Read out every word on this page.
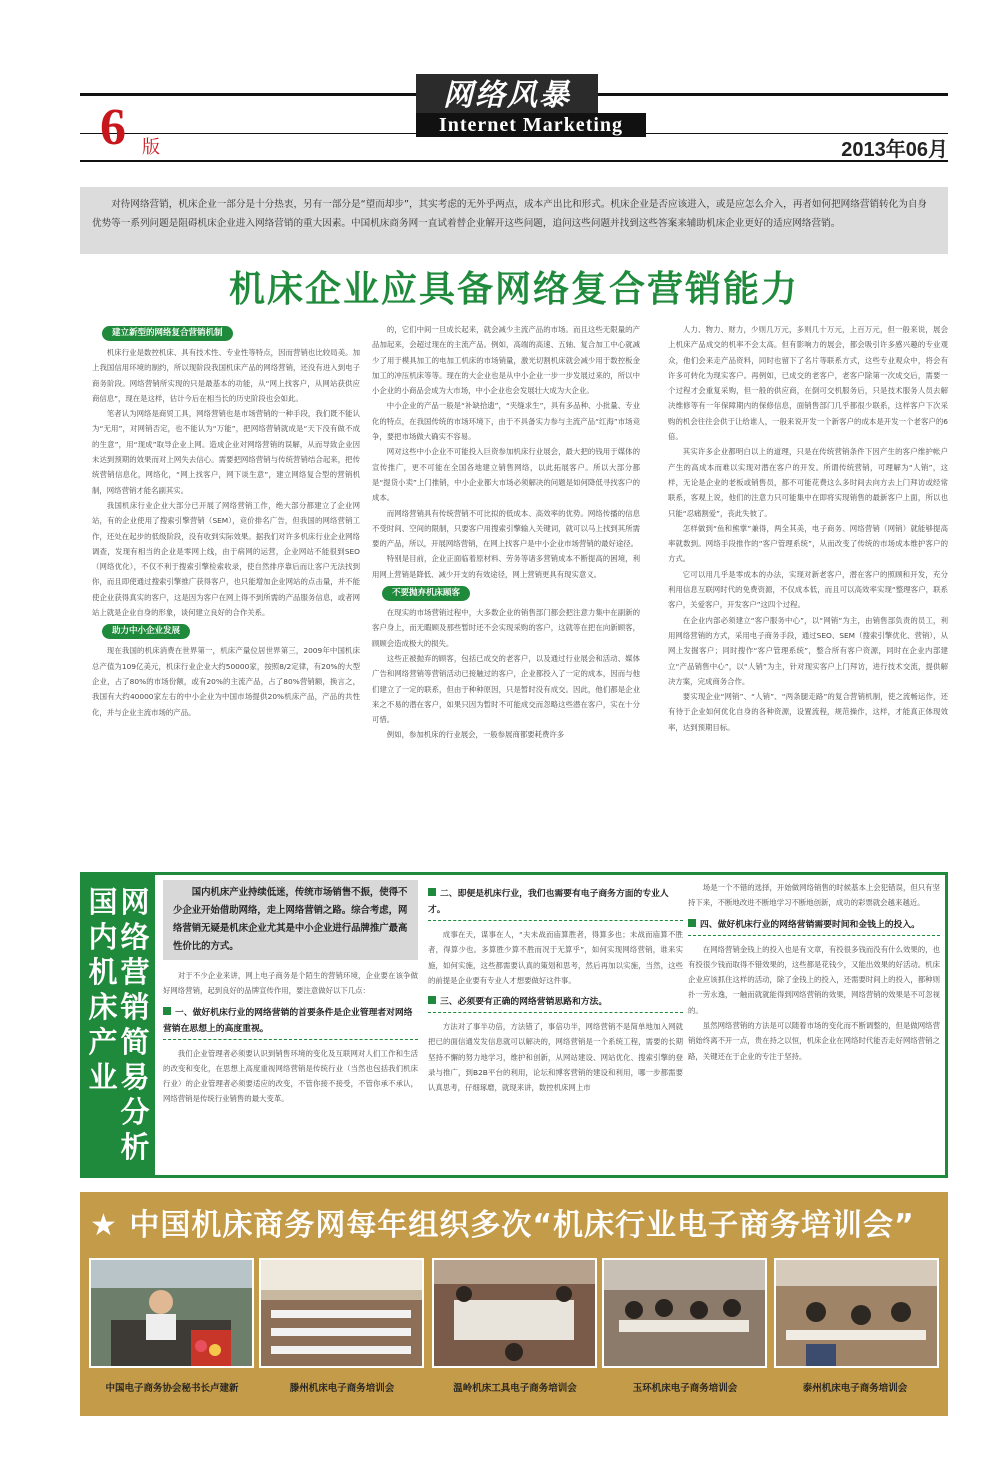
网络风暴
Internet Marketing
6 版	2013年06月
对待网络营销，机床企业一部分是十分热衷，另有一部分是“望而却步”，其实考虑的无外乎两点，成本产出比和形式。机床企业是否应该进入，或是应怎么介入，再者如何把网络营销转化为自身优势等一系列问题是阻碍机床企业进入网络营销的重大因素。中国机床商务网一直试着替企业解开这些问题，追问这些问题并找到这些答案来辅助机床企业更好的适应网络营销。
机床企业应具备网络复合营销能力
建立新型的网络复合营销机制

机床行业是数控机床、具有技术性、专业性等特点，因而营销也比较局美。加上我国信用环境的制约，所以现阶段我国机床产品的网络营销，还没有进入到电子商务阶段。网络营销所实现的只是最基本的功能，从“网上找客户，从网站获供应商信息”，现在是这样，估计今后在相当长的历史阶段也会如此。

笔者认为网络是商贸工具，网络营销也是市场营销的一种手段，我们既不能认为“无用”，对网销否定，也不能认为“万能”，把网络营销就成是“天下没有做不成的生意”，用“现成”取导企业上网。造成企业对网络营销的误解，从而导致企业因未达到预期的效果而对上网失去信心。需要把网络营销与传统营销结合起来，把传统营销信息化，网络化，“网上找客户，网下谈生意”，建立网络复合型的营销机制，网络营销才能名副其实。

我国机床行业企业大部分已开展了网络营销工作，绝大部分都建立了企业网站，有的企业使用了搜索引擎营销（SEM），竞价排名广告，但我国的网络营销工作，还处在起步的低级阶段，没有收到实际效果。据我们对许多机床行业企业网络调查，发现有相当的企业是零网上线，由于病网的运营，企业网站不能很到SEO（网络优化），不仅不利于搜索引擎检索收录，使自然排序靠后而让客户无法找到你，而且即使通过搜索引擎推广获得客户，也只能增加企业网站的点击量，并不能使企业获得真实的客户，这是因为客户在网上得不到所需的产品服务信息，或者网站上就是企业自身的形象，谈何建立良好的合作关系。

助力中小企业发展

现在我国的机床消费在世界第一，机床产量位居世界第三，2009年中国机床总产值为109亿美元，机床行业企业大约50000家，按照8/2定律，有20%的大型企业，占了80%的市场份额，或有20%的主流产品，占了80%营销额，换言之，我国有大约40000家左右的中小企业为中国市场提供20%机床产品，产品的共性化，并与企业主流市场的产品。

的，它们中间一旦成长起来，就会减少主流产品的市场。而且这些无限量的产品加起来，会超过现在的主流产品。例如，高端的高速、五轴、复合加工中心就减少了用于模具加工的电加工机床的市场销量，激光切割机床就会减少用于数控板金加工的冲压机床等等。现在的大企业也是从中小企业一步一步发展过来的，所以中小企业的小商品会成为大市场，中小企业也会发展壮大成为大企业。

中小企业的产品一般是“补缺拾遗”，“夹缝求生”，具有多品种、小批量、专业化的特点，在我国传统的市场环境下，由于不具备实力参与主流产品“红海”市场竞争，要把市场做大确实不容易。

网对这些中小企业不可能投入巨资参加机床行业展会，最大把的钱用于媒体的宣传推广，更不可能在全国各地建立销售网络，以此拓展客户。所以大部分都是“提货小卖”上门推销，中小企业都大市场必须解决的问题是如何降低寻找客户的成本。

而网络营销具有传统营销不可比拟的低成本、高效率的优势。网络传播的信息不受时间、空间的限制，只要客户用搜索引擎输入关键词，就可以马上找到其所需要的产品，所以，开展网络营销，在网上找客户是中小企业市场营销的最好途径。

特别是目前，企业正面临着原材料、劳务等诸多营销成本不断提高的困境，利用网上营销是降低、减少开支的有效途径，网上营销更具有现实意义。

不要抛弃机床顾客

在现实的市场营销过程中，大多数企业的销售部门都会把注意力集中在副新的客户身上，而无暇顾及那些暂时还不会实现采购的客户，这就等在把在向新顾客，顾顾会造成极大的损失。

这些正被抛弃的顾客，包括已成交的老客户，以及通过行业展会和活动、媒体广告和网络营销等营销活动已接触过的客户，企业都投入了一定的成本，因而与他们建立了一定的联系，但由于种种原因，只是暂时没有成交。因此，他们都是企业来之不易的潜在客户，如果只因为暂时不可能成交而忽略这些潜在客户，实在十分可惜。

例如，参加机床的行业展会，一般参展商都要耗费许多

人力、物力、财力，少则几万元，多则几十万元，上百万元，但一般来说，展会上机床产品成交的机率不会太高。但有影响力的展会，都会吸引许多感兴趣的专业观众，他们会来走产品资料，同时也留下了名片等联系方式，这些专业观众中，将会有许多可转化为现实客户。再例如，已成交的老客户，老客户除第一次成交后，需要一个过程才会重复采购，但一般的供应商，在倒可交机服务后，只是技术服务人员去解决维修等有一年保障期内的保修信息，面销售部门几乎都很少联系，这样客户下次采购的机会往往会供于让给谁人，一般来说开发一个新客户的成本是开发一个老客户的6倍。

其实许多企业都明白以上的道理，只是在传统营销条件下因产生的客户维护帐户产生的高成本而难以实现对潜在客户的开发。所谓传统营销，可理解为“人销”，这样，无论是企业的老板或销售员，都不可能花费这么多时间去向方去上门拜访或经常联系，客观上说，他们的注意力只可能集中在即将实现销售的最新客户上面，所以也只能“忍痛割爱”，丧此失彼了。

怎样做到“鱼和熊掌”兼得，两全其美，电子商务、网络营销（网销）就能够提高率就数到。网络手段推作的“客户管理系统”，从而改变了传统的市场成本维护客户的方式。

它可以用几乎是零成本的办法，实现对新老客户，潜在客户的照顾和开发，充分利用信息互联网时代的免费资源，不仅成本低，而且可以高效率实现“整理客户，联系客户，关爱客户，开发客户”这四个过程。

在企业内部必须建立“客户服务中心”，以“网销”为主，由销售部负责的员工，利用网络营销的方式，采用电子商务手段，通过SEO、SEM（搜索引擎优化、营销），从网上发掘客户；同时搜作“客户管理系统”，整合所有客户资源，同时在企业内部建立“产品销售中心”，以“人销”为主，针对现实客户上门拜访，进行技术交流，提供解决方案，完成商务合作。

要实现企业“网销”、“人销”、“两条腿走路”的复合营销机制，使之流畅运作，还有待于企业如何优化自身的各种资源，设置流程，规范操作，这样，才能真正体现效率，达到预期目标。

国
内
机
床
产
业
网
络
营
销
简
易
分
析
国内机床产业持续低迷，传统市场销售不振，使得不少企业开始借助网络，走上网络营销之路。综合考虑，网络营销无疑是机床企业尤其是中小企业进行品牌推广最高性价比的方式。

对于不少企业来讲，网上电子商务是个陌生的营销环境，企业要在该争做好网络营销，起到良好的品牌宣传作用，要注意做好以下几点：

一、做好机床行业的网络营销的首要条件是企业管理者对网络营销在思想上的高度重视。

我们企业管理者必须要认识到销售环境的变化及互联网对人们工作和生活的改变和变化，在思想上高度重视网络营销是传统行业（当然也包括我们机床行业）的企业管理者必须要适应的改变，不管你接不接受，不管你承不承认，网络营销是传统行业销售的最大变革。

二、即便是机床行业，我们也需要有电子商务方面的专业人才。

成事在天，谋事在人，“夫未战而庙算胜者，得算多也；未战而庙算不胜者，得算少也。多算胜少算不胜而况于无算乎”，如何实现网络营销，谁来实施，如何实施，这些都需要认真的策划和思考，然后再加以实施，当然，这些的前提是企业要有专业人才想要做好这件事。

三、必须要有正确的网络营销思路和方法。

方法对了事半功倍，方法错了，事倍功半，网络营销不是简单地加入网就把已的面信通发发信息就可以解决的，网络营销是一个系统工程，需要的长期坚持不懈的努力地学习，维护和创新，从网站建设、网站优化、搜索引擎的登录与推广，到B2B平台的利用，论坛和博客营销的建设和利用，哪一步都需要认真思考，仔细琢磨，就现来讲，数控机床网上市

场是一个不错的选择，开始做网络销售的时候基本上会犯错误，但只有坚持下来，不断地改进不断地学习不断地创新，成功的彩票就会越来越近。

四、做好机床行业的网络营销需要时间和金钱上的投入。

在网络营销金钱上的投入也是有文章，有投很多钱而没有什么效果的，也有投很少钱而取得不错效果的，这些都是花钱少，又能出效果的好活动。机床企业应该抓住这样的活动，除了金钱上的投入，还需要时间上的投入，都种则扑一劳永逸，一触而就就能得到网络营销的效果，网络营销的效果是不可忽视的。

虽然网络营销的方法是可以随着市场的变化而不断调整的，但是做网络营销始终离不开一点，贵在持之以恒，机床企业在网络时代能否走好网络营销之路，关键还在于企业的专注于坚持。

★ 中国机床商务网每年组织多次“机床行业电子商务培训会”
中国电子商务协会秘书长卢建新	滕州机床电子商务培训会	温岭机床工具电子商务培训会	玉环机床电子商务培训会	泰州机床电子商务培训会
